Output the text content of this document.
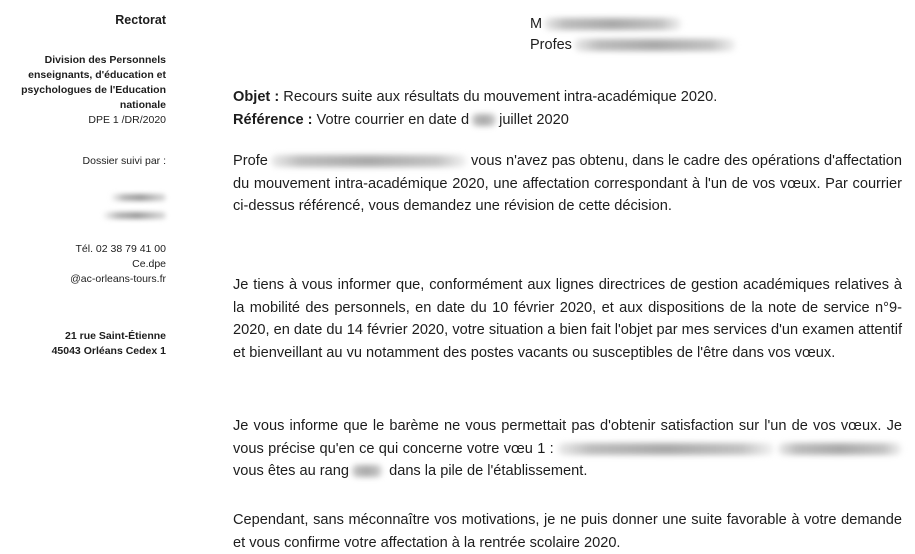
Rectorat
Division des Personnels
enseignants, d'éducation et
psychologues de l'Education
nationale
DPE 1 /DR/2020
Dossier suivi par :
Tél. 02 38 79 41 00
Ce.dpe
@ac-orleans-tours.fr
21 rue Saint-Étienne
45043 Orléans Cedex 1
M
Profes
Objet : Recours suite aux résultats du mouvement intra-académique 2020.
Référence : Votre courrier en date d juillet 2020
Profe	vous n'avez pas obtenu, dans le cadre des opérations d'affectation du mouvement intra-académique 2020, une affectation correspondant à l'un de vos vœux. Par courrier ci-dessus référencé, vous demandez une révision de cette décision.
Je tiens à vous informer que, conformément aux lignes directrices de gestion académiques relatives à la mobilité des personnels, en date du 10 février 2020, et aux dispositions de la note de service n°9-2020, en date du 14 février 2020, votre situation a bien fait l'objet par mes services d'un examen attentif et bienveillant au vu notamment des postes vacants ou susceptibles de l'être dans vos vœux.
Je vous informe que le barème ne vous permettait pas d'obtenir satisfaction sur l'un de vos vœux. Je vous précise qu'en ce qui concerne votre vœu 1 :  vous êtes au rang dans la pile de l'établissement.
Cependant, sans méconnaître vos motivations, je ne puis donner une suite favorable à votre demande et vous confirme votre affectation à la rentrée scolaire 2020.
